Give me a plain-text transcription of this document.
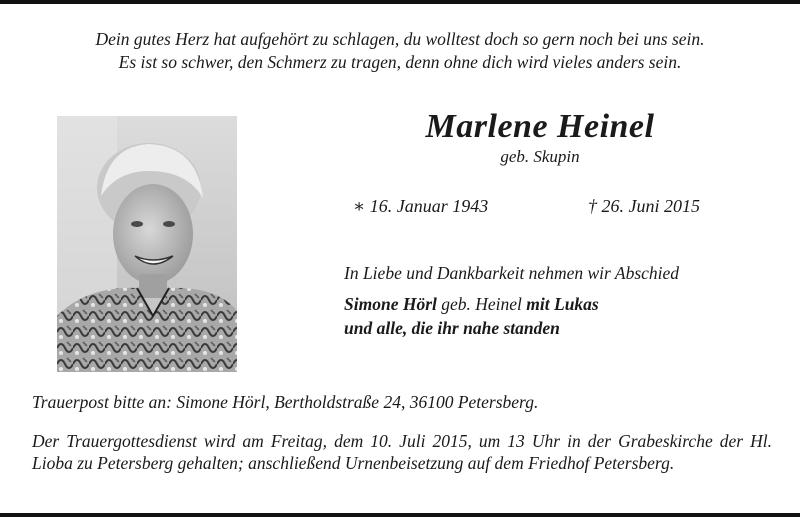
Dein gutes Herz hat aufgehört zu schlagen, du wolltest doch so gern noch bei uns sein.
Es ist so schwer, den Schmerz zu tragen, denn ohne dich wird vieles anders sein.
Marlene Heinel
geb. Skupin
∗ 16. Januar 1943	† 26. Juni 2015
In Liebe und Dankbarkeit nehmen wir Abschied
Simone Hörl geb. Heinel mit Lukas
und alle, die ihr nahe standen
Trauerpost bitte an: Simone Hörl, Bertholdstraße 24, 36100 Petersberg.
Der Trauergottesdienst wird am Freitag, dem 10. Juli 2015, um 13 Uhr in der Grabeskirche der Hl. Lioba zu Petersberg gehalten; anschließend Urnenbeisetzung auf dem Friedhof Petersberg.
